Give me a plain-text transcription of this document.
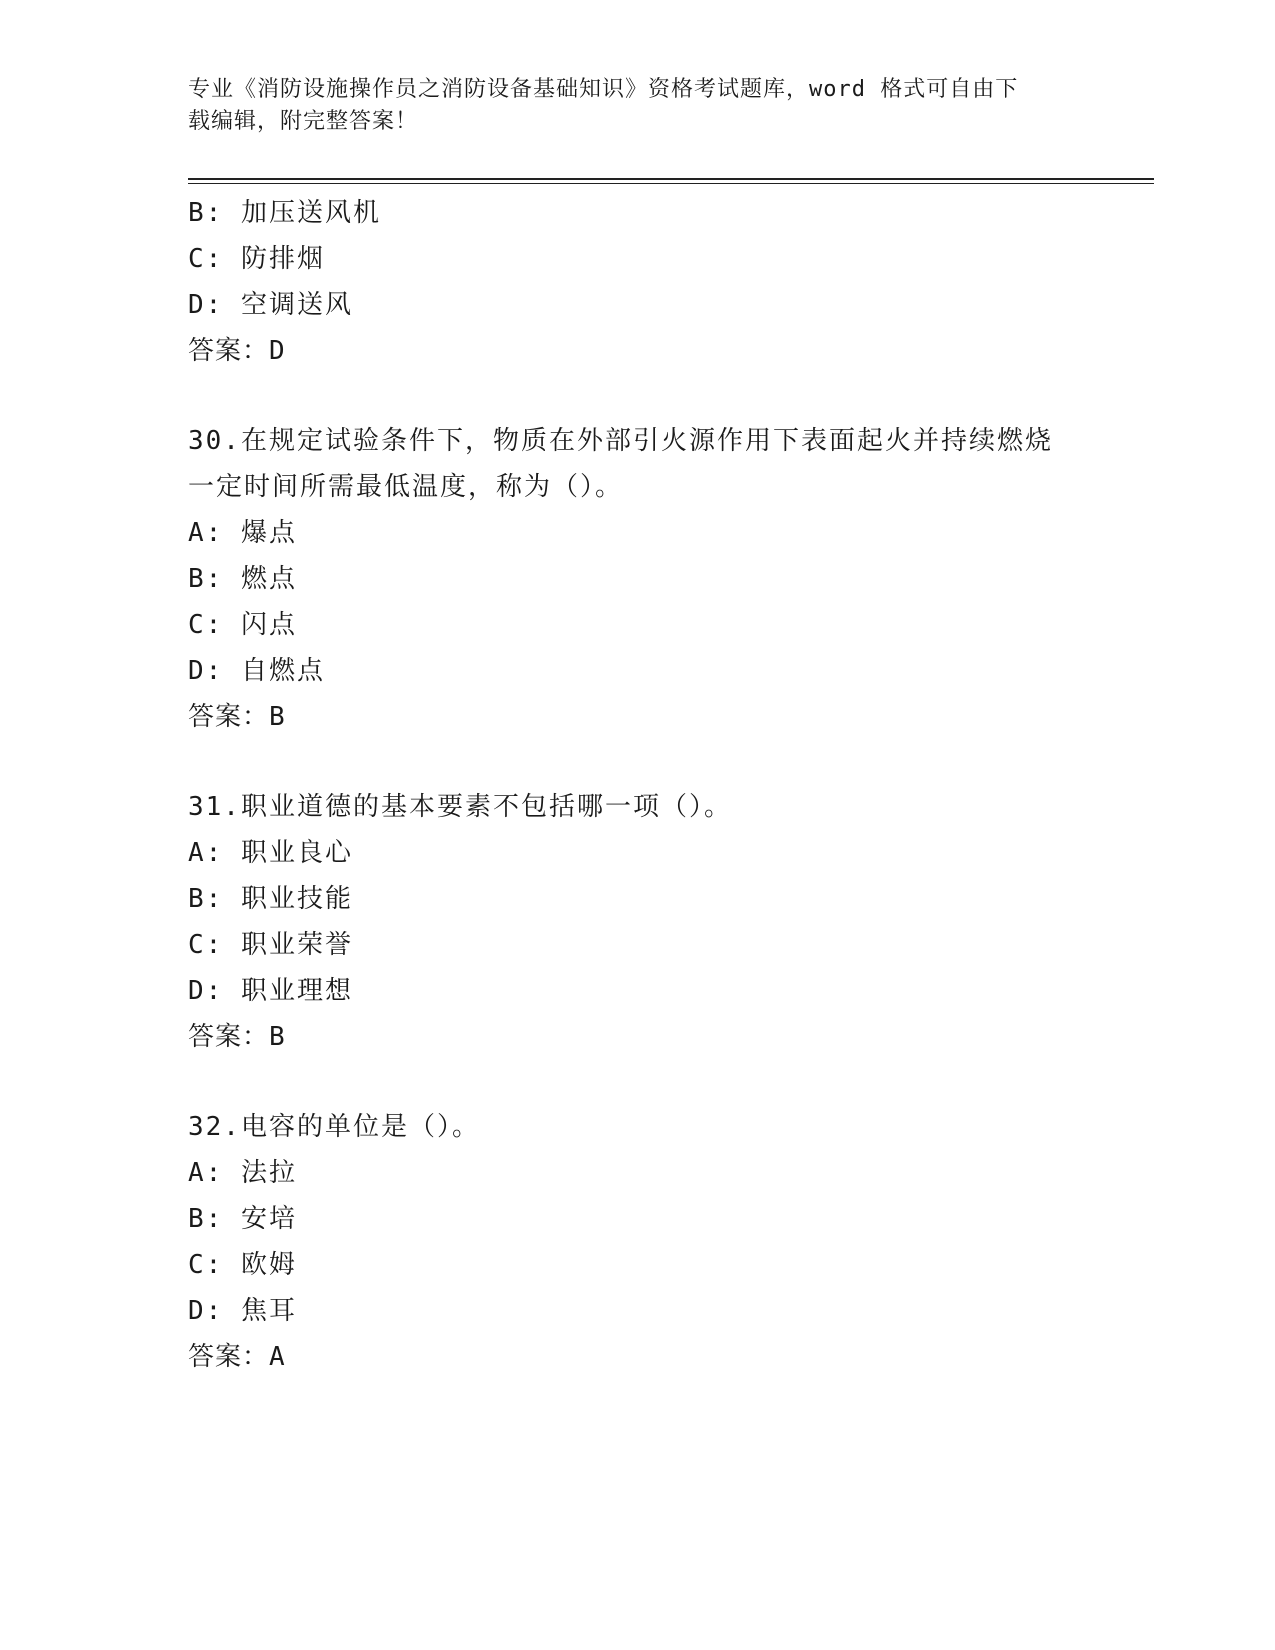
专业《消防设施操作员之消防设备基础知识》资格考试题库，word 格式可自由下
载编辑，附完整答案！
B: 加压送风机
C: 防排烟
D: 空调送风
答案：D
30.在规定试验条件下，物质在外部引火源作用下表面起火并持续燃烧
一定时间所需最低温度，称为（）。
A: 爆点
B: 燃点
C: 闪点
D: 自燃点
答案：B
31.职业道德的基本要素不包括哪一项（）。
A: 职业良心
B: 职业技能
C: 职业荣誉
D: 职业理想
答案：B
32.电容的单位是（）。
A: 法拉
B: 安培
C: 欧姆
D: 焦耳
答案：A
